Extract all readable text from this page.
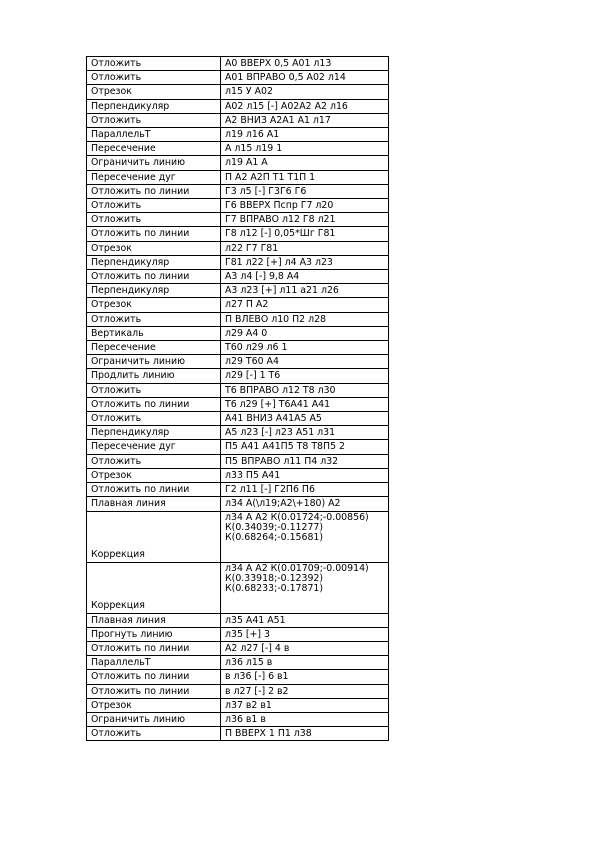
Отложить	А0 ВВЕРХ 0,5 А01 л13
Отложить	А01 ВПРАВО 0,5 А02 л14
Отрезок	л15 У А02
Перпендикуляр	А02 л15 [-] А02А2 А2 л16
Отложить	А2 ВНИЗ А2А1 А1 л17
ПараллельТ	л19 л16 А1
Пересечение	А л15 л19 1
Ограничить линию	л19 А1 А
Пересечение дуг	П А2 А2П Т1 Т1П 1
Отложить по линии	Г3 л5 [-] Г3Г6 Г6
Отложить	Г6 ВВЕРХ Пспр Г7 л20
Отложить	Г7 ВПРАВО л12 Г8 л21
Отложить по линии	Г8 л12 [-] 0,05*Шг Г81
Отрезок	л22 Г7 Г81
Перпендикуляр	Г81 л22 [+] л4 А3 л23
Отложить по линии	А3 л4 [-] 9,8 А4
Перпендикуляр	А3 л23 [+] л11 а21 л26
Отрезок	л27 П А2
Отложить	П ВЛЕВО л10 П2 л28
Вертикаль	л29 А4 0
Пересечение	Т60 л29 л6 1
Ограничить линию	л29 Т60 А4
Продлить линию	л29 [-] 1 Т6
Отложить	Т6 ВПРАВО л12 Т8 л30
Отложить по линии	Т6 л29 [+] Т6А41 А41
Отложить	А41 ВНИЗ А41А5 А5
Перпендикуляр	А5 л23 [-] л23 А51 л31
Пересечение дуг	П5 А41 А41П5 Т8 Т8П5 2
Отложить	П5 ВПРАВО л11 П4 л32
Отрезок	л33 П5 А41
Отложить по линии	Г2 л11 [-] Г2П6 П6
Плавная линия	л34 А(\л19;А2\+180) А2
Коррекция	л34 А А2 К(0.01724;-0.00856) К(0.34039;-0.11277) К(0.68264;-0.15681)
Коррекция	л34 А А2 К(0.01709;-0.00914) К(0.33918;-0.12392) К(0.68233;-0.17871)
Плавная линия	л35 А41 А51
Прогнуть линию	л35 [+] 3
Отложить по линии	А2 л27 [-] 4 в
ПараллельТ	л36 л15 в
Отложить по линии	в л36 [-] 6 в1
Отложить по линии	в л27 [-] 2 в2
Отрезок	л37 в2 в1
Ограничить линию	л36 в1 в
Отложить	П ВВЕРХ 1 П1 л38
